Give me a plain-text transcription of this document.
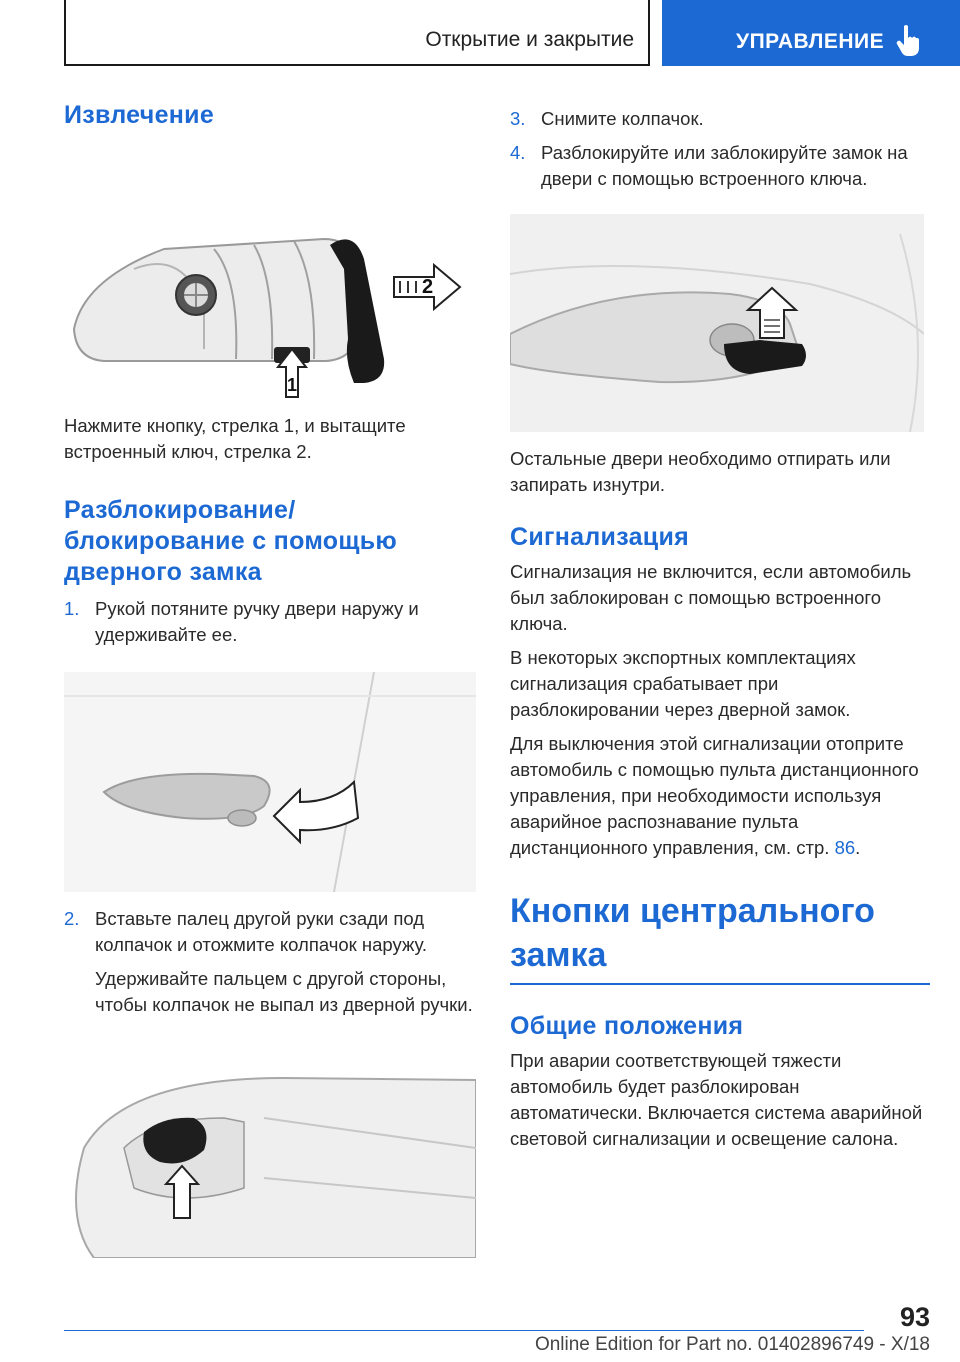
Открытие и закрытие	УПРАВЛЕНИЕ
Извлечение
2
1

Нажмите кнопку, стрелка 1, и вытащите встроенный ключ, стрелка 2.

Разблокирование/
блокирование с помощью
дверного замка
1. Рукой потяните ручку двери наружу и удерживайте ее.
2. Вставьте палец другой руки сзади под колпачок и отожмите колпачок наружу.

Удерживайте пальцем с другой стороны, чтобы колпачок не выпал из дверной ручки.

3. Снимите колпачок.
4. Разблокируйте или заблокируйте замок на двери с помощью встроенного ключа.

Остальные двери необходимо отпирать или запирать изнутри.

Сигнализация

Сигнализация не включится, если автомобиль был заблокирован с помощью встроенного ключа.

В некоторых экспортных комплектациях сигнализация срабатывает при разблокировании через дверной замок.

Для выключения этой сигнализации отоприте автомобиль с помощью пульта дистанционного управления, при необходимости используя аварийное распознавание пульта дистанционного управления, см. стр. 86.

Кнопки центрального
замка
Общие положения

При аварии соответствующей тяжести автомобиль будет разблокирован автоматически. Включается система аварийной световой сигнализации и освещение салона.

93
Online Edition for Part no. 01402896749 - X/18
